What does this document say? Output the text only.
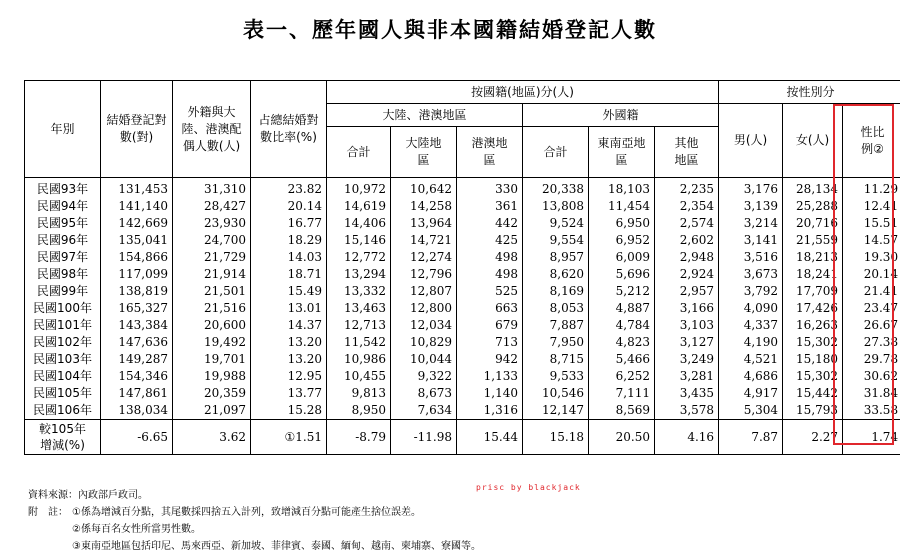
表一、歷年國人與非本國籍結婚登記人數
年別	結婚登記對數(對)	外籍與大陸、港澳配偶人數(人)	占總結婚對數比率(%)	按國籍(地區)分(人)						按性別分		
				大陸、港澳地區			外國籍			男(人)	女(人)	性比例②
				合計	大陸地區	港澳地區	合計	東南亞地區	其他地區			
民國93年	131,453	31,310	23.82	10,972	10,642	330	20,338	18,103	2,235	3,176	28,134	11.29
民國94年	141,140	28,427	20.14	14,619	14,258	361	13,808	11,454	2,354	3,139	25,288	12.41
民國95年	142,669	23,930	16.77	14,406	13,964	442	9,524	6,950	2,574	3,214	20,716	15.51
民國96年	135,041	24,700	18.29	15,146	14,721	425	9,554	6,952	2,602	3,141	21,559	14.57
民國97年	154,866	21,729	14.03	12,772	12,274	498	8,957	6,009	2,948	3,516	18,213	19.30
民國98年	117,099	21,914	18.71	13,294	12,796	498	8,620	5,696	2,924	3,673	18,241	20.14
民國99年	138,819	21,501	15.49	13,332	12,807	525	8,169	5,212	2,957	3,792	17,709	21.41
民國100年	165,327	21,516	13.01	13,463	12,800	663	8,053	4,887	3,166	4,090	17,426	23.47
民國101年	143,384	20,600	14.37	12,713	12,034	679	7,887	4,784	3,103	4,337	16,263	26.67
民國102年	147,636	19,492	13.20	11,542	10,829	713	7,950	4,823	3,127	4,190	15,302	27.38
民國103年	149,287	19,701	13.20	10,986	10,044	942	8,715	5,466	3,249	4,521	15,180	29.78
民國104年	154,346	19,988	12.95	10,455	9,322	1,133	9,533	6,252	3,281	4,686	15,302	30.62
民國105年	147,861	20,359	13.77	9,813	8,673	1,140	10,546	7,111	3,435	4,917	15,442	31.84
民國106年	138,034	21,097	15.28	8,950	7,634	1,316	12,147	8,569	3,578	5,304	15,793	33.58

較105年
增減(%)	-6.65	3.62	①1.51	-8.79	-11.98	15.44	15.18	20.50	4.16	7.87	2.27	1.74
prisc by blackjack
資料來源：內政部戶政司。
附　註： ①係為增減百分點，其尾數採四捨五入計列，致增減百分點可能產生捨位誤差。
②係每百名女性所當男性數。
③東南亞地區包括印尼、馬來西亞、新加坡、菲律賓、泰國、緬甸、越南、柬埔寨、寮國等。
